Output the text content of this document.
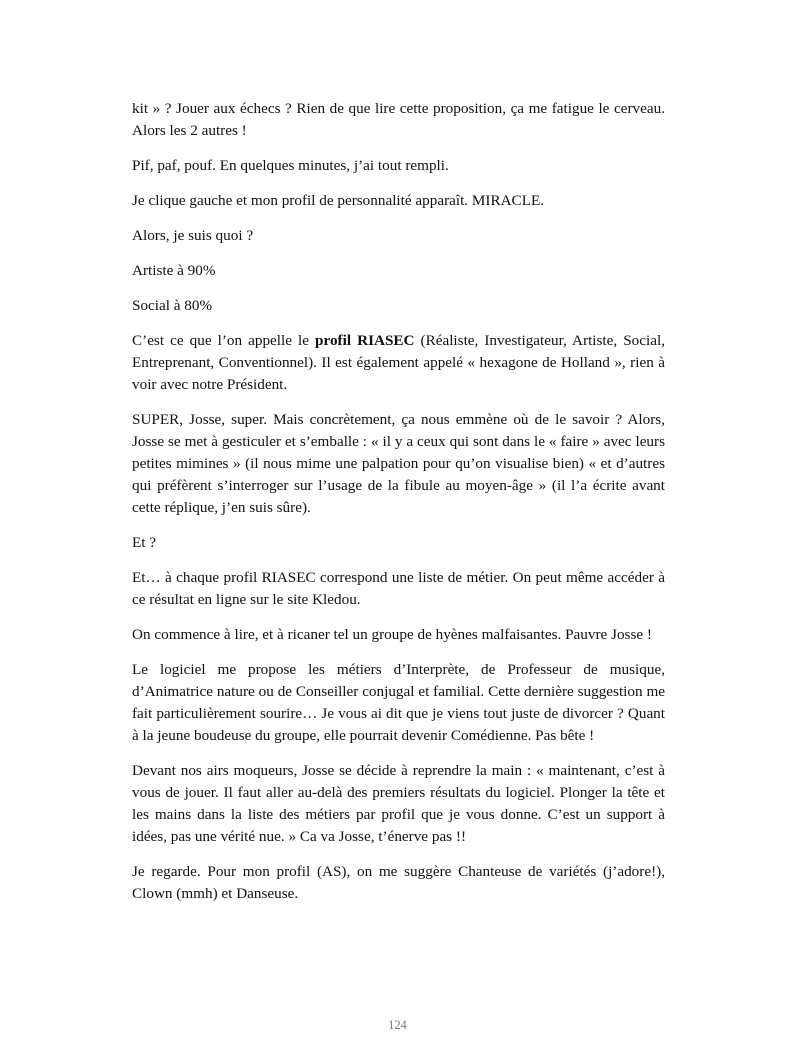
kit » ? Jouer aux échecs ? Rien de que lire cette proposition, ça me fatigue le cerveau. Alors les 2 autres !

Pif, paf, pouf. En quelques minutes, j’ai tout rempli.

Je clique gauche et mon profil de personnalité apparaît. MIRACLE.

Alors, je suis quoi ?

Artiste à 90%

Social à 80%

C’est ce que l’on appelle le profil RIASEC (Réaliste, Investigateur, Artiste, Social, Entreprenant, Conventionnel). Il est également appelé « hexagone de Holland », rien à voir avec notre Président.

SUPER, Josse, super. Mais concrètement, ça nous emmène où de le savoir ? Alors, Josse se met à gesticuler et s’emballe : « il y a ceux qui sont dans le « faire » avec leurs petites mimines » (il nous mime une palpation pour qu’on visualise bien) « et d’autres qui préfèrent s’interroger sur l’usage de la fibule au moyen-âge » (il l’a écrite avant cette réplique, j’en suis sûre).

Et ?

Et… à chaque profil RIASEC correspond une liste de métier. On peut même accéder à ce résultat en ligne sur le site Kledou.

On commence à lire, et à ricaner tel un groupe de hyènes malfaisantes. Pauvre Josse !

Le logiciel me propose les métiers d’Interprète, de Professeur de musique, d’Animatrice nature ou de Conseiller conjugal et familial. Cette dernière suggestion me fait particulièrement sourire… Je vous ai dit que je viens tout juste de divorcer ? Quant à la jeune boudeuse du groupe, elle pourrait devenir Comédienne. Pas bête !

Devant nos airs moqueurs, Josse se décide à reprendre la main : « maintenant, c’est à vous de jouer. Il faut aller au-delà des premiers résultats du logiciel. Plonger la tête et les mains dans la liste des métiers par profil que je vous donne. C’est un support à idées, pas une vérité nue. » Ca va Josse, t’énerve pas !!

Je regarde. Pour mon profil (AS), on me suggère Chanteuse de variétés (j’adore!), Clown (mmh) et Danseuse.

124
